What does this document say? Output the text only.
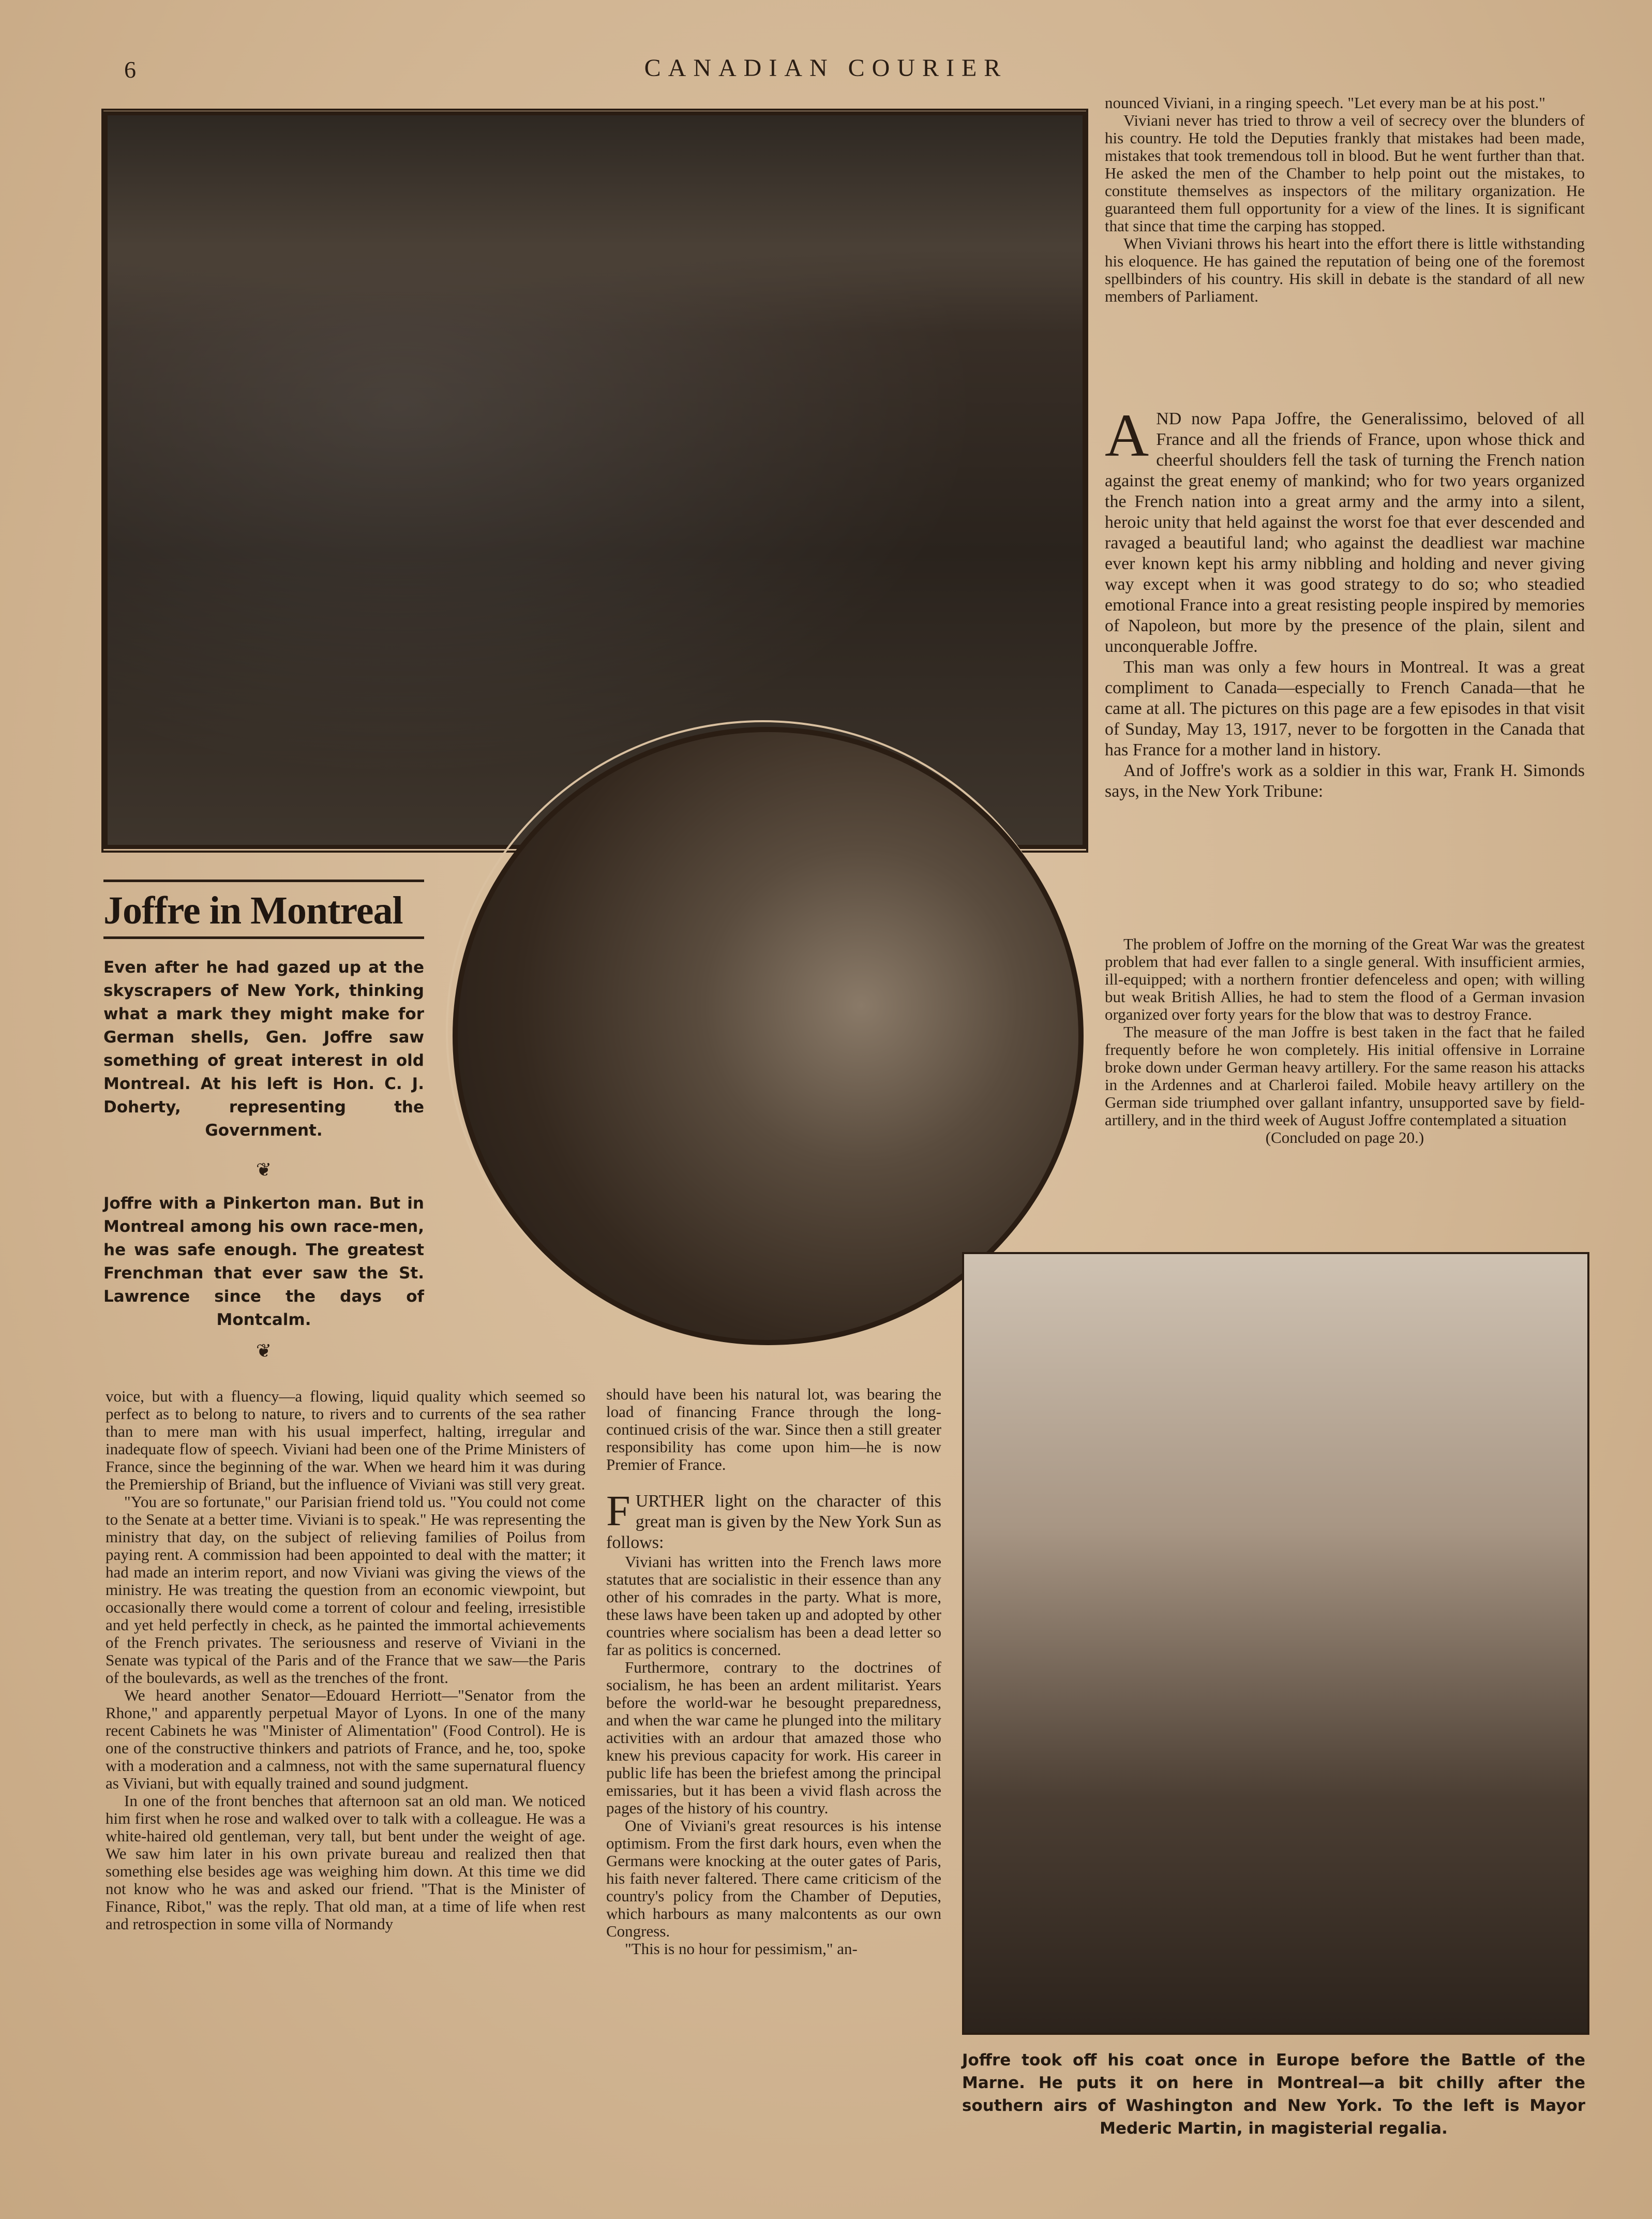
6	CANADIAN COURIER
Joffre in Montreal
Even after he had gazed up at the skyscrapers of New York, thinking what a mark they might make for German shells, Gen. Joffre saw something of great interest in old Montreal. At his left is Hon. C. J. Doherty, representing the Government.
❦
Joffre with a Pinkerton man. But in Montreal among his own race-men, he was safe enough. The greatest Frenchman that ever saw the St. Lawrence since the days of Montcalm.
❦

nounced Viviani, in a ringing speech. "Let every man be at his post."

Viviani never has tried to throw a veil of secrecy over the blunders of his country. He told the Deputies frankly that mistakes had been made, mistakes that took tremendous toll in blood. But he went further than that. He asked the men of the Chamber to help point out the mistakes, to constitute themselves as inspectors of the military organization. He guaranteed them full opportunity for a view of the lines. It is significant that since that time the carping has stopped.

When Viviani throws his heart into the effort there is little withstanding his eloquence. He has gained the reputation of being one of the foremost spellbinders of his country. His skill in debate is the standard of all new members of Parliament.

AND now Papa Joffre, the Generalissimo, beloved of all France and all the friends of France, upon whose thick and cheerful shoulders fell the task of turning the French nation against the great enemy of mankind; who for two years organized the French nation into a great army and the army into a silent, heroic unity that held against the worst foe that ever descended and ravaged a beautiful land; who against the deadliest war machine ever known kept his army nibbling and holding and never giving way except when it was good strategy to do so; who steadied emotional France into a great resisting people inspired by memories of Napoleon, but more by the presence of the plain, silent and unconquerable Joffre.

This man was only a few hours in Montreal. It was a great compliment to Canada—especially to French Canada—that he came at all. The pictures on this page are a few episodes in that visit of Sunday, May 13, 1917, never to be forgotten in the Canada that has France for a mother land in history.

And of Joffre's work as a soldier in this war, Frank H. Simonds says, in the New York Tribune:

The problem of Joffre on the morning of the Great War was the greatest problem that had ever fallen to a single general. With insufficient armies, ill-equipped; with a northern frontier defenceless and open; with willing but weak British Allies, he had to stem the flood of a German invasion organized over forty years for the blow that was to destroy France.

The measure of the man Joffre is best taken in the fact that he failed frequently before he won completely. His initial offensive in Lorraine broke down under German heavy artillery. For the same reason his attacks in the Ardennes and at Charleroi failed. Mobile heavy artillery on the German side triumphed over gallant infantry, unsupported save by field-artillery, and in the third week of August Joffre contemplated a situation

(Concluded on page 20.)

voice, but with a fluency—a flowing, liquid quality which seemed so perfect as to belong to nature, to rivers and to currents of the sea rather than to mere man with his usual imperfect, halting, irregular and inadequate flow of speech. Viviani had been one of the Prime Ministers of France, since the beginning of the war. When we heard him it was during the Premiership of Briand, but the influence of Viviani was still very great.

"You are so fortunate," our Parisian friend told us. "You could not come to the Senate at a better time. Viviani is to speak." He was representing the ministry that day, on the subject of relieving families of Poilus from paying rent. A commission had been appointed to deal with the matter; it had made an interim report, and now Viviani was giving the views of the ministry. He was treating the question from an economic viewpoint, but occasionally there would come a torrent of colour and feeling, irresistible and yet held perfectly in check, as he painted the immortal achievements of the French privates. The seriousness and reserve of Viviani in the Senate was typical of the Paris and of the France that we saw—the Paris of the boulevards, as well as the trenches of the front.

We heard another Senator—Edouard Herriott—"Senator from the Rhone," and apparently perpetual Mayor of Lyons. In one of the many recent Cabinets he was "Minister of Alimentation" (Food Control). He is one of the constructive thinkers and patriots of France, and he, too, spoke with a moderation and a calmness, not with the same supernatural fluency as Viviani, but with equally trained and sound judgment.

In one of the front benches that afternoon sat an old man. We noticed him first when he rose and walked over to talk with a colleague. He was a white-haired old gentleman, very tall, but bent under the weight of age. We saw him later in his own private bureau and realized then that something else besides age was weighing him down. At this time we did not know who he was and asked our friend. "That is the Minister of Finance, Ribot," was the reply. That old man, at a time of life when rest and retrospection in some villa of Normandy

should have been his natural lot, was bearing the load of financing France through the long-continued crisis of the war. Since then a still greater responsibility has come upon him—he is now Premier of France.

FURTHER light on the character of this great man is given by the New York Sun as follows:

Viviani has written into the French laws more statutes that are socialistic in their essence than any other of his comrades in the party. What is more, these laws have been taken up and adopted by other countries where socialism has been a dead letter so far as politics is concerned.

Furthermore, contrary to the doctrines of socialism, he has been an ardent militarist. Years before the world-war he besought preparedness, and when the war came he plunged into the military activities with an ardour that amazed those who knew his previous capacity for work. His career in public life has been the briefest among the principal emissaries, but it has been a vivid flash across the pages of the history of his country.

One of Viviani's great resources is his intense optimism. From the first dark hours, even when the Germans were knocking at the outer gates of Paris, his faith never faltered. There came criticism of the country's policy from the Chamber of Deputies, which harbours as many malcontents as our own Congress.

"This is no hour for pessimism," an-

Joffre took off his coat once in Europe before the Battle of the Marne. He puts it on here in Montreal—a bit chilly after the southern airs of Washington and New York. To the left is Mayor Mederic Martin, in magisterial regalia.
